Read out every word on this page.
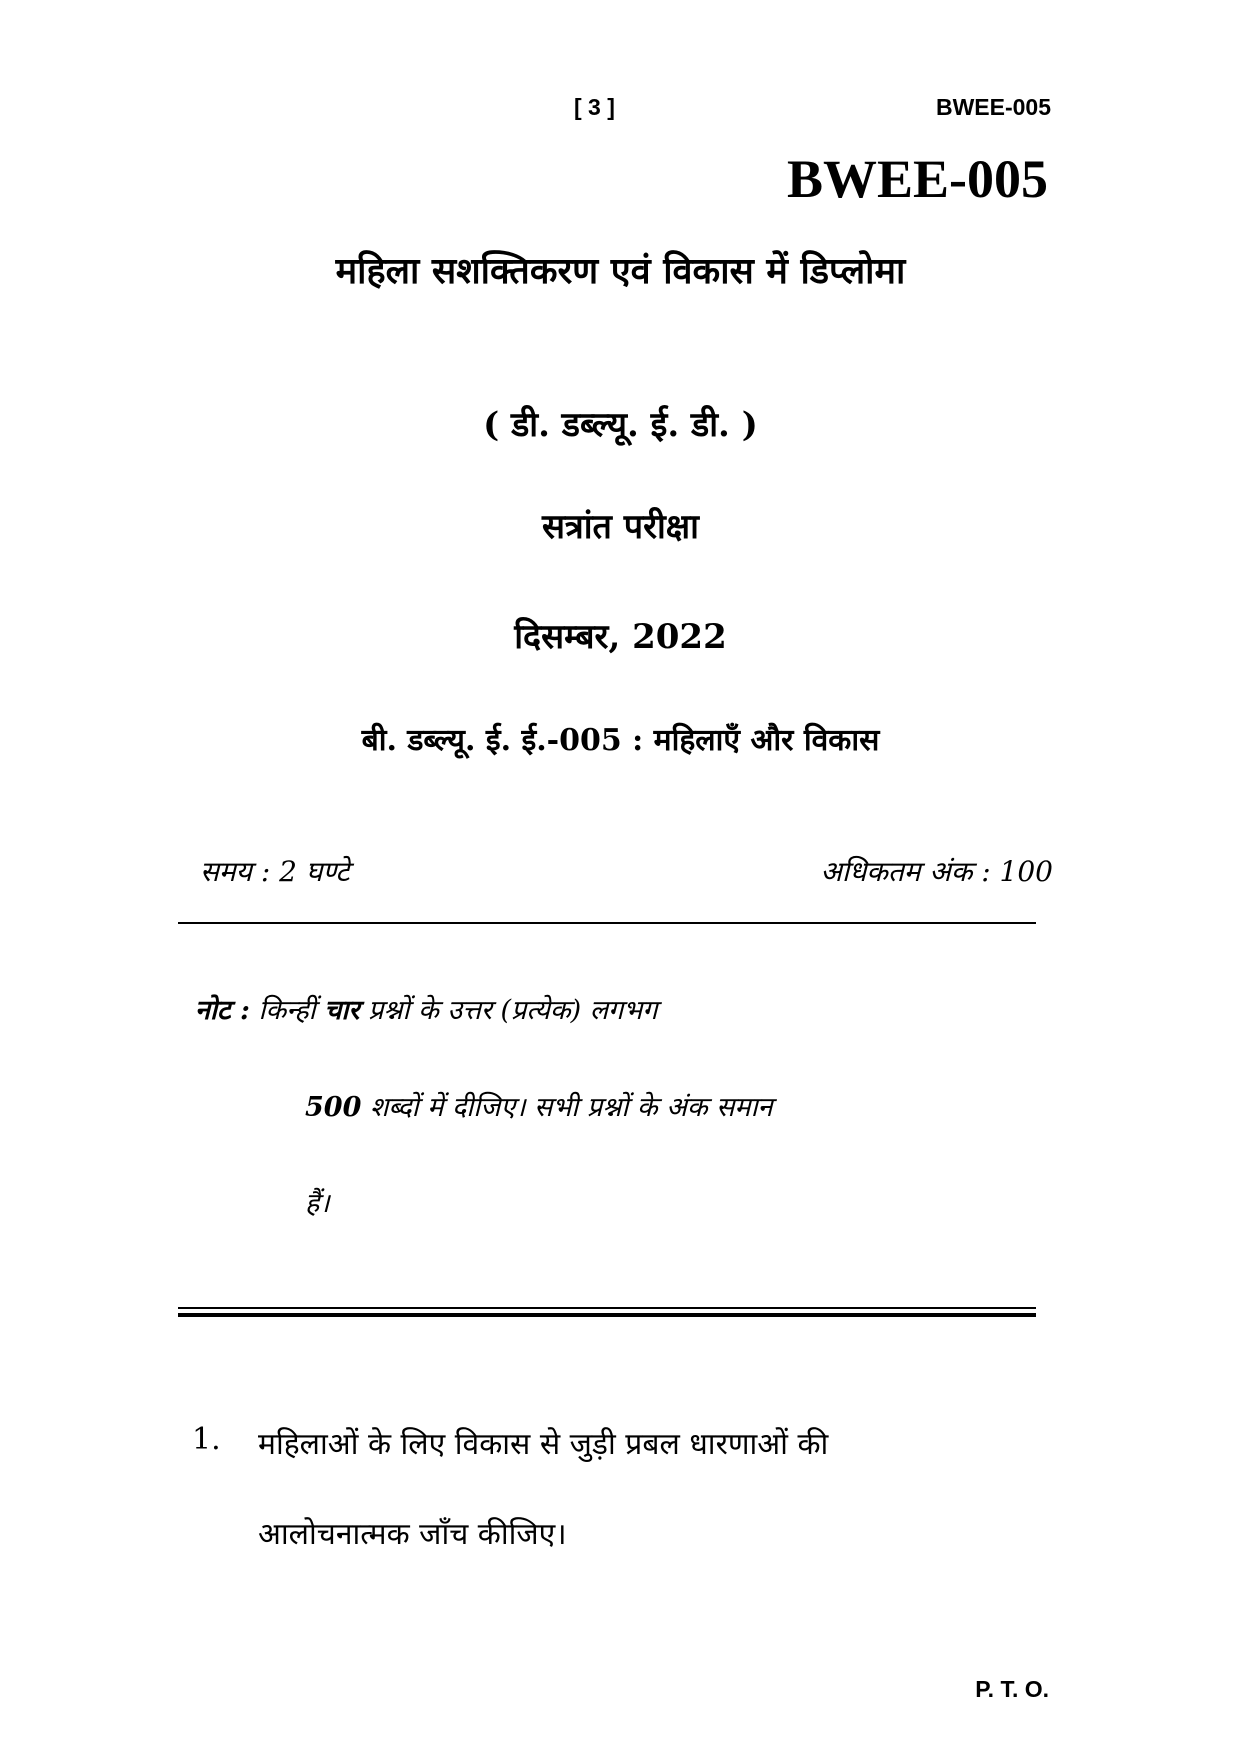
[ 3 ]	BWEE-005
BWEE-005
महिला सशक्तिकरण एवं विकास में डिप्लोमा
( डी. डब्ल्यू. ई. डी. )
सत्रांत परीक्षा
दिसम्बर, 2022
बी. डब्ल्यू. ई. ई.-005 : महिलाएँ और विकास
समय : 2 घण्टे	अधिकतम अंक : 100
नोट : किन्हीं चार प्रश्नों के उत्तर (प्रत्येक) लगभग
500 शब्दों में दीजिए। सभी प्रश्नों के अंक समान
हैं।
1. महिलाओं के लिए विकास से जुड़ी प्रबल धारणाओं की
आलोचनात्मक जाँच कीजिए।
P. T. O.
